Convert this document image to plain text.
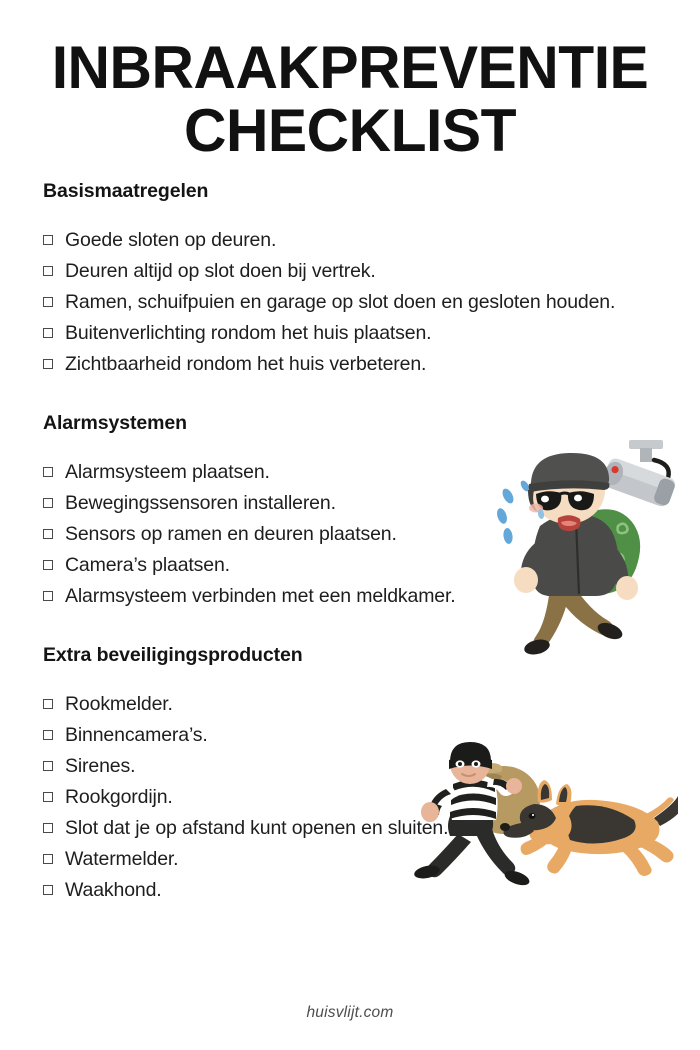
INBRAAKPREVENTIE
CHECKLIST
Basismaatregelen
Goede sloten op deuren.
Deuren altijd op slot doen bij vertrek.
Ramen, schuifpuien en garage op slot doen en gesloten houden.
Buitenverlichting rondom het huis plaatsen.
Zichtbaarheid rondom het huis verbeteren.
Alarmsystemen
Alarmsysteem plaatsen.
Bewegingssensoren installeren.
Sensors op ramen en deuren plaatsen.
Camera’s plaatsen.
Alarmsysteem verbinden met een meldkamer.
Extra beveiligingsproducten
Rookmelder.
Binnencamera’s.
Sirenes.
Rookgordijn.
Slot dat je op afstand kunt openen en sluiten.
Watermelder.
Waakhond.
huisvlijt.com
